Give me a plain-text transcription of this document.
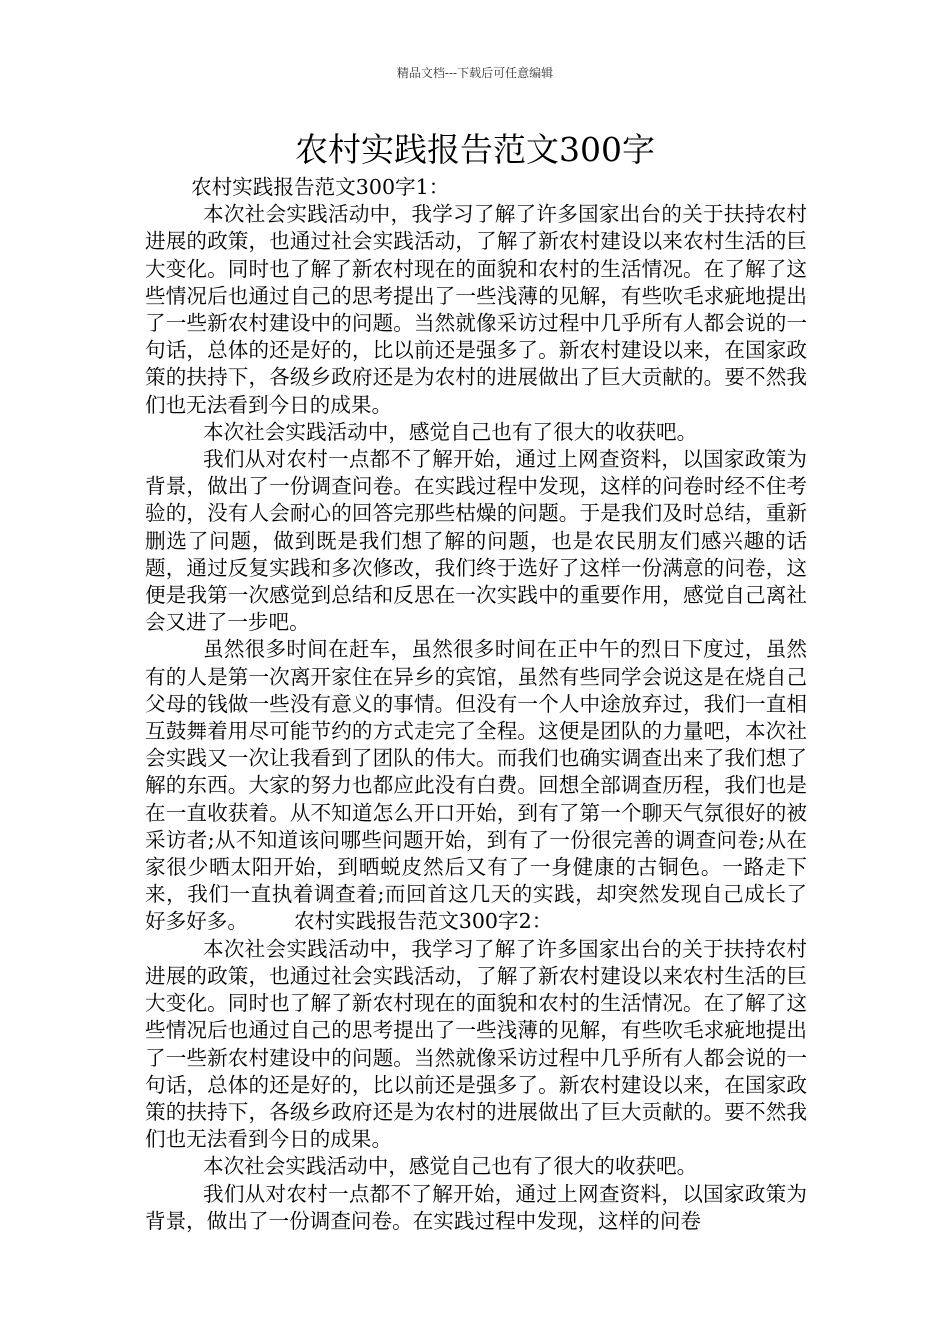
精品文档---下载后可任意编辑
农村实践报告范文300字

农村实践报告范文300字1：

本次社会实践活动中，我学习了解了许多国家出台的关于扶持农村进展的政策，也通过社会实践活动，了解了新农村建设以来农村生活的巨大变化。同时也了解了新农村现在的面貌和农村的生活情况。在了解了这些情况后也通过自己的思考提出了一些浅薄的见解，有些吹毛求疵地提出了一些新农村建设中的问题。当然就像采访过程中几乎所有人都会说的一句话，总体的还是好的，比以前还是强多了。新农村建设以来，在国家政策的扶持下，各级乡政府还是为农村的进展做出了巨大贡献的。要不然我们也无法看到今日的成果。

本次社会实践活动中，感觉自己也有了很大的收获吧。

我们从对农村一点都不了解开始，通过上网查资料，以国家政策为背景，做出了一份调查问卷。在实践过程中发现，这样的问卷时经不住考验的，没有人会耐心的回答完那些枯燥的问题。于是我们及时总结，重新删选了问题，做到既是我们想了解的问题，也是农民朋友们感兴趣的话题，通过反复实践和多次修改，我们终于选好了这样一份满意的问卷，这便是我第一次感觉到总结和反思在一次实践中的重要作用，感觉自己离社会又进了一步吧。

虽然很多时间在赶车，虽然很多时间在正中午的烈日下度过，虽然有的人是第一次离开家住在异乡的宾馆，虽然有些同学会说这是在烧自己父母的钱做一些没有意义的事情。但没有一个人中途放弃过，我们一直相互鼓舞着用尽可能节约的方式走完了全程。这便是团队的力量吧，本次社会实践又一次让我看到了团队的伟大。而我们也确实调查出来了我们想了解的东西。大家的努力也都应此没有白费。回想全部调查历程，我们也是在一直收获着。从不知道怎么开口开始，到有了第一个聊天气氛很好的被采访者;从不知道该问哪些问题开始，到有了一份很完善的调查问卷;从在家很少晒太阳开始，到晒蜕皮然后又有了一身健康的古铜色。一路走下来，我们一直执着调查着;而回首这几天的实践，却突然发现自己成长了好多好多。 农村实践报告范文300字2：

本次社会实践活动中，我学习了解了许多国家出台的关于扶持农村进展的政策，也通过社会实践活动，了解了新农村建设以来农村生活的巨大变化。同时也了解了新农村现在的面貌和农村的生活情况。在了解了这些情况后也通过自己的思考提出了一些浅薄的见解，有些吹毛求疵地提出了一些新农村建设中的问题。当然就像采访过程中几乎所有人都会说的一句话，总体的还是好的，比以前还是强多了。新农村建设以来，在国家政策的扶持下，各级乡政府还是为农村的进展做出了巨大贡献的。要不然我们也无法看到今日的成果。

本次社会实践活动中，感觉自己也有了很大的收获吧。

我们从对农村一点都不了解开始，通过上网查资料，以国家政策为背景，做出了一份调查问卷。在实践过程中发现，这样的问卷
